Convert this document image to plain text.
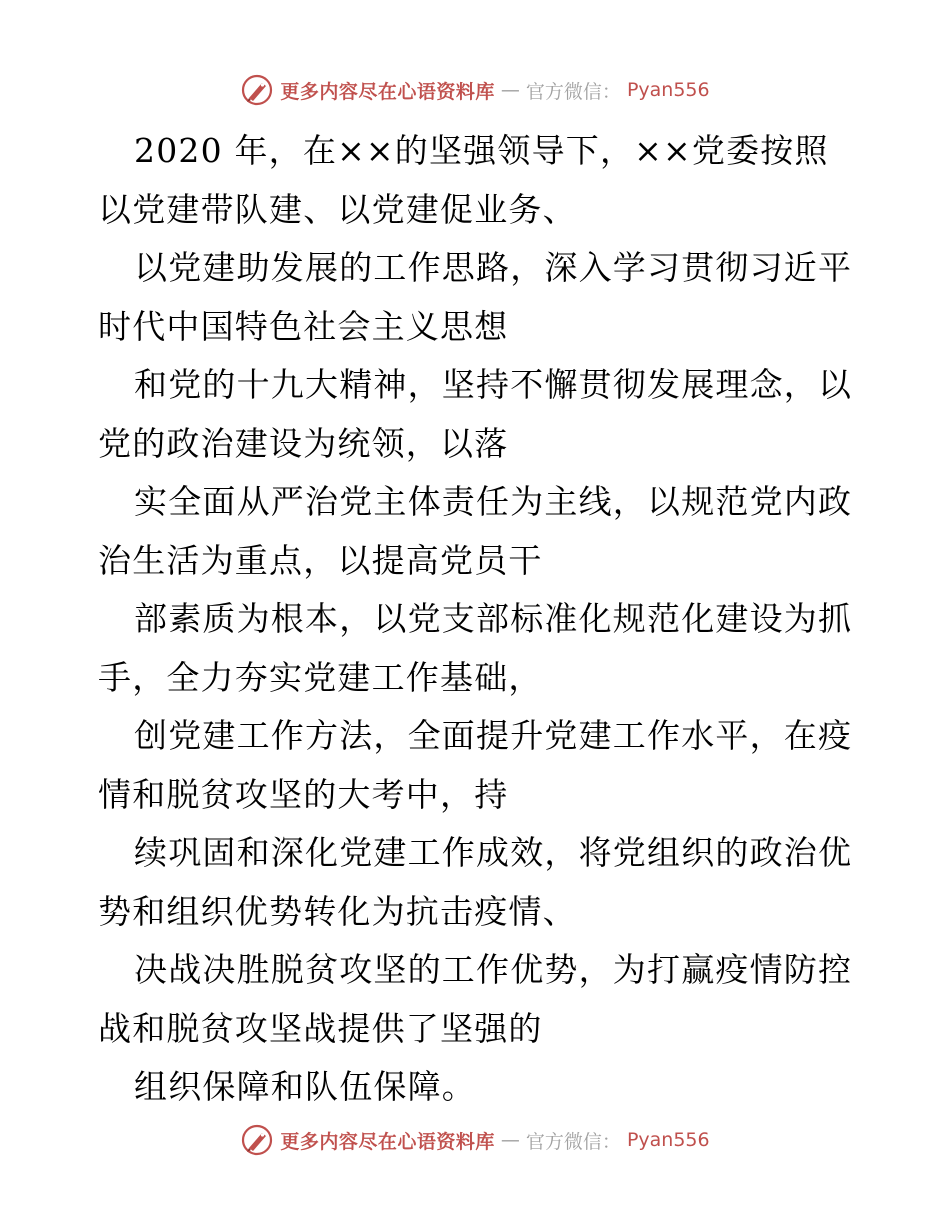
更多内容尽在心语资料库 — 官方微信： Pyan556
2020 年，在××的坚强领导下，××党委按照
以党建带队建、以党建促业务、
以党建助发展的工作思路，深入学习贯彻习近平
时代中国特色社会主义思想
和党的十九大精神，坚持不懈贯彻发展理念，以
党的政治建设为统领，以落
实全面从严治党主体责任为主线，以规范党内政
治生活为重点，以提高党员干
部素质为根本，以党支部标准化规范化建设为抓
手，全力夯实党建工作基础，
创党建工作方法，全面提升党建工作水平，在疫
情和脱贫攻坚的大考中，持
续巩固和深化党建工作成效，将党组织的政治优
势和组织优势转化为抗击疫情、
决战决胜脱贫攻坚的工作优势，为打赢疫情防控
战和脱贫攻坚战提供了坚强的
组织保障和队伍保障。
更多内容尽在心语资料库 — 官方微信： Pyan556
